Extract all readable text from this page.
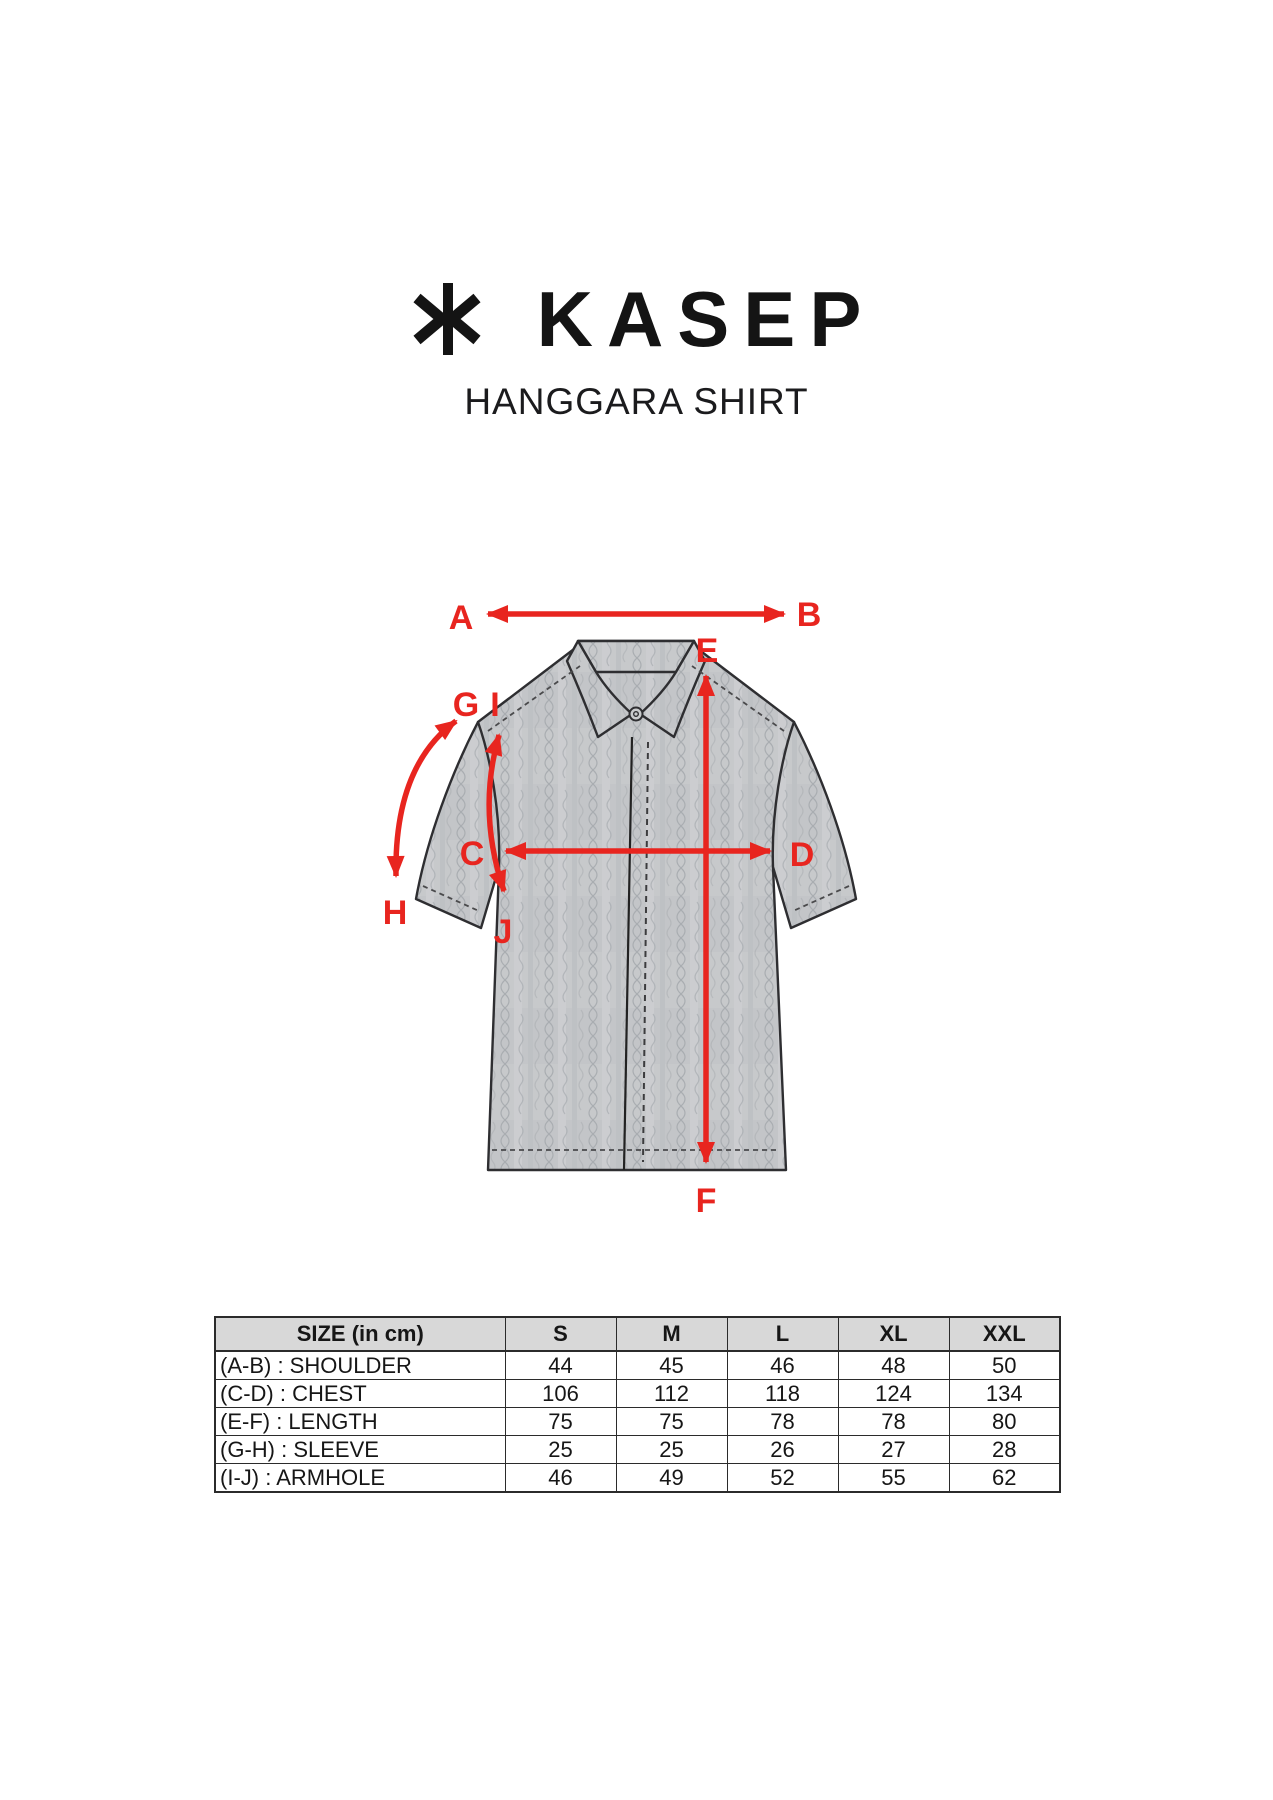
KASEP
HANGGARA SHIRT
A	B
C	D
E
F
G
H
I
J
SIZE (in cm)	S	M	L	XL	XXL
(A-B) : SHOULDER	44	45	46	48	50
(C-D) : CHEST	106	112	118	124	134
(E-F) : LENGTH	75	75	78	78	80
(G-H) : SLEEVE	25	25	26	27	28
(I-J) : ARMHOLE	46	49	52	55	62
